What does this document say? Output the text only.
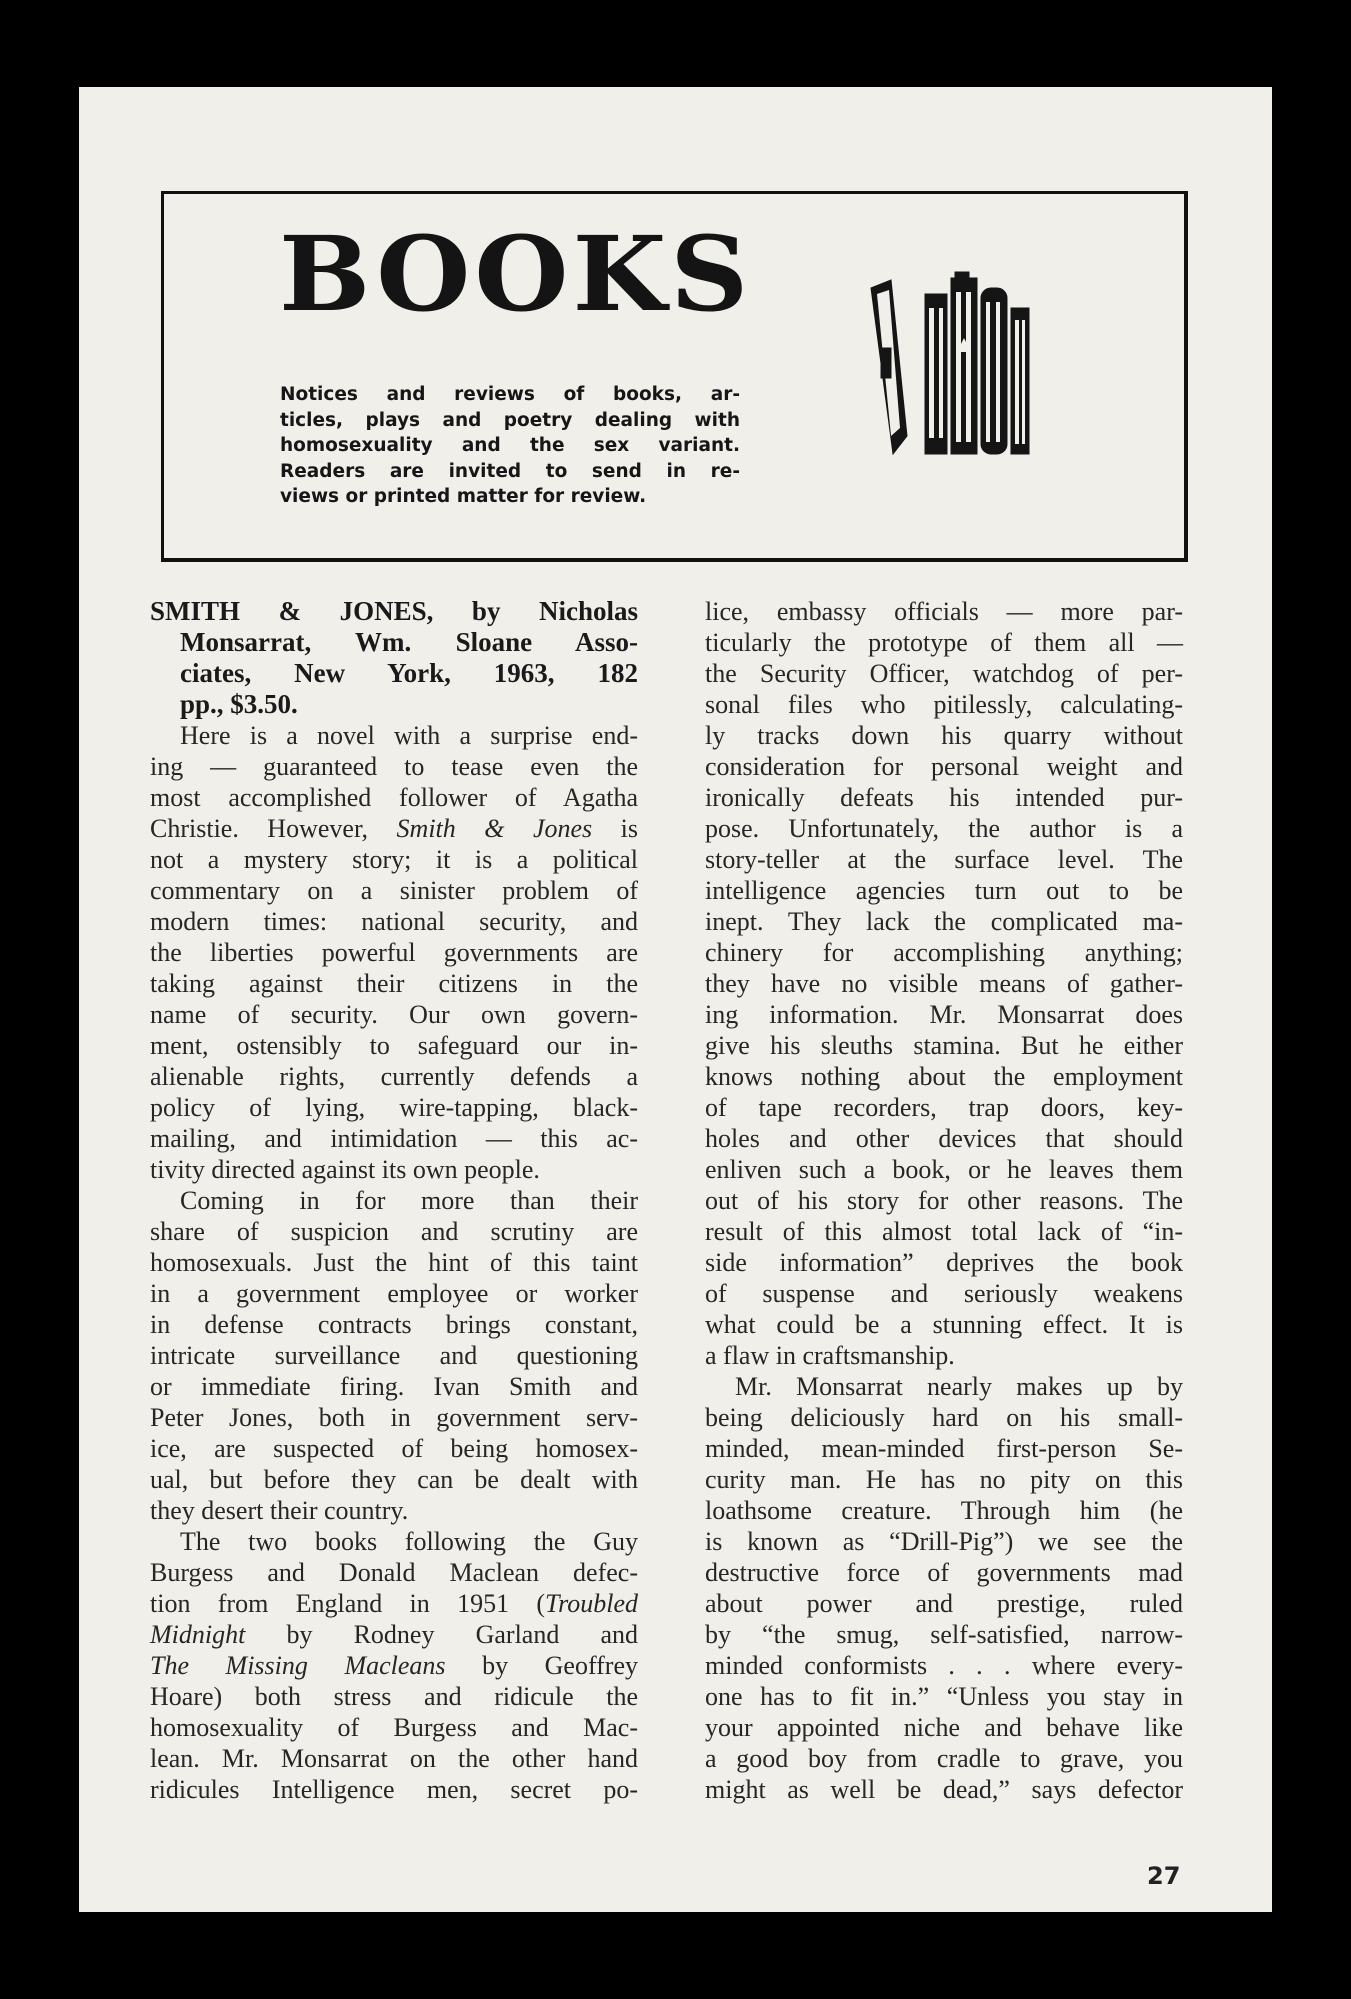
BOOKS
Notices and reviews of books, ar-
ticles, plays and poetry dealing with
homosexuality and the sex variant.
Readers are invited to send in re-
views or printed matter for review.
SMITH & JONES, by Nicholas
Monsarrat, Wm. Sloane Asso-
ciates, New York, 1963, 182
pp., $3.50.
Here is a novel with a surprise end-
ing — guaranteed to tease even the
most accomplished follower of Agatha
Christie. However, Smith & Jones is
not a mystery story; it is a political
commentary on a sinister problem of
modern times: national security, and
the liberties powerful governments are
taking against their citizens in the
name of security. Our own govern-
ment, ostensibly to safeguard our in-
alienable rights, currently defends a
policy of lying, wire-tapping, black-
mailing, and intimidation — this ac-
tivity directed against its own people.
Coming in for more than their
share of suspicion and scrutiny are
homosexuals. Just the hint of this taint
in a government employee or worker
in defense contracts brings constant,
intricate surveillance and questioning
or immediate firing. Ivan Smith and
Peter Jones, both in government serv-
ice, are suspected of being homosex-
ual, but before they can be dealt with
they desert their country.
The two books following the Guy
Burgess and Donald Maclean defec-
tion from England in 1951 (Troubled
Midnight by Rodney Garland and
The Missing Macleans by Geoffrey
Hoare) both stress and ridicule the
homosexuality of Burgess and Mac-
lean. Mr. Monsarrat on the other hand
ridicules Intelligence men, secret po-
lice, embassy officials — more par-
ticularly the prototype of them all —
the Security Officer, watchdog of per-
sonal files who pitilessly, calculating-
ly tracks down his quarry without
consideration for personal weight and
ironically defeats his intended pur-
pose. Unfortunately, the author is a
story-teller at the surface level. The
intelligence agencies turn out to be
inept. They lack the complicated ma-
chinery for accomplishing anything;
they have no visible means of gather-
ing information. Mr. Monsarrat does
give his sleuths stamina. But he either
knows nothing about the employment
of tape recorders, trap doors, key-
holes and other devices that should
enliven such a book, or he leaves them
out of his story for other reasons. The
result of this almost total lack of “in-
side information” deprives the book
of suspense and seriously weakens
what could be a stunning effect. It is
a flaw in craftsmanship.
Mr. Monsarrat nearly makes up by
being deliciously hard on his small-
minded, mean-minded first-person Se-
curity man. He has no pity on this
loathsome creature. Through him (he
is known as “Drill-Pig”) we see the
destructive force of governments mad
about power and prestige, ruled
by “the smug, self-satisfied, narrow-
minded conformists . . . where every-
one has to fit in.” “Unless you stay in
your appointed niche and behave like
a good boy from cradle to grave, you
might as well be dead,” says defector
27
